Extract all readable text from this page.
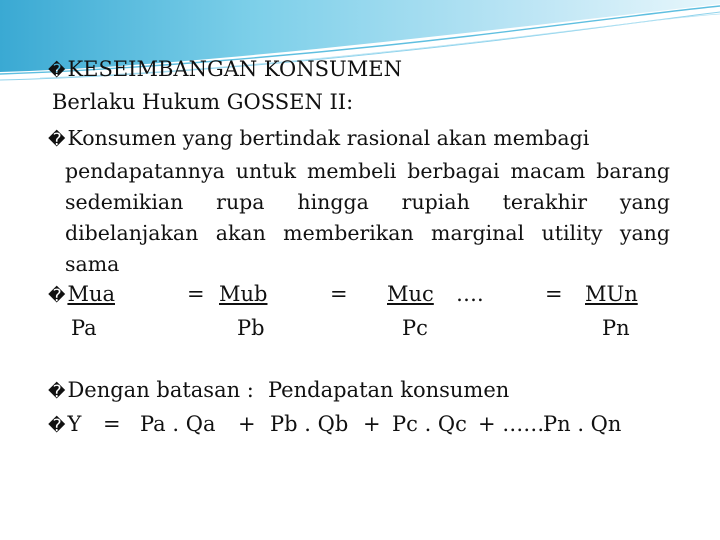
�KESEIMBANGAN KONSUMEN
Berlaku Hukum GOSSEN II:
�Konsumen yang bertindak rasional akan membagi
pendapatannya untuk membeli berbagai macam barang sedemikian rupa hingga rupiah terakhir yang dibelanjakan akan memberikan marginal utility yang sama
�Mua
Pa
= Mub
Pb
= Muc ….
Pc
= MUn
Pn
�Dengan batasan : Pendapatan konsumen
�Y = Pa . Qa + Pb . Qb + Pc . Qc + …….
Pn . Qn
